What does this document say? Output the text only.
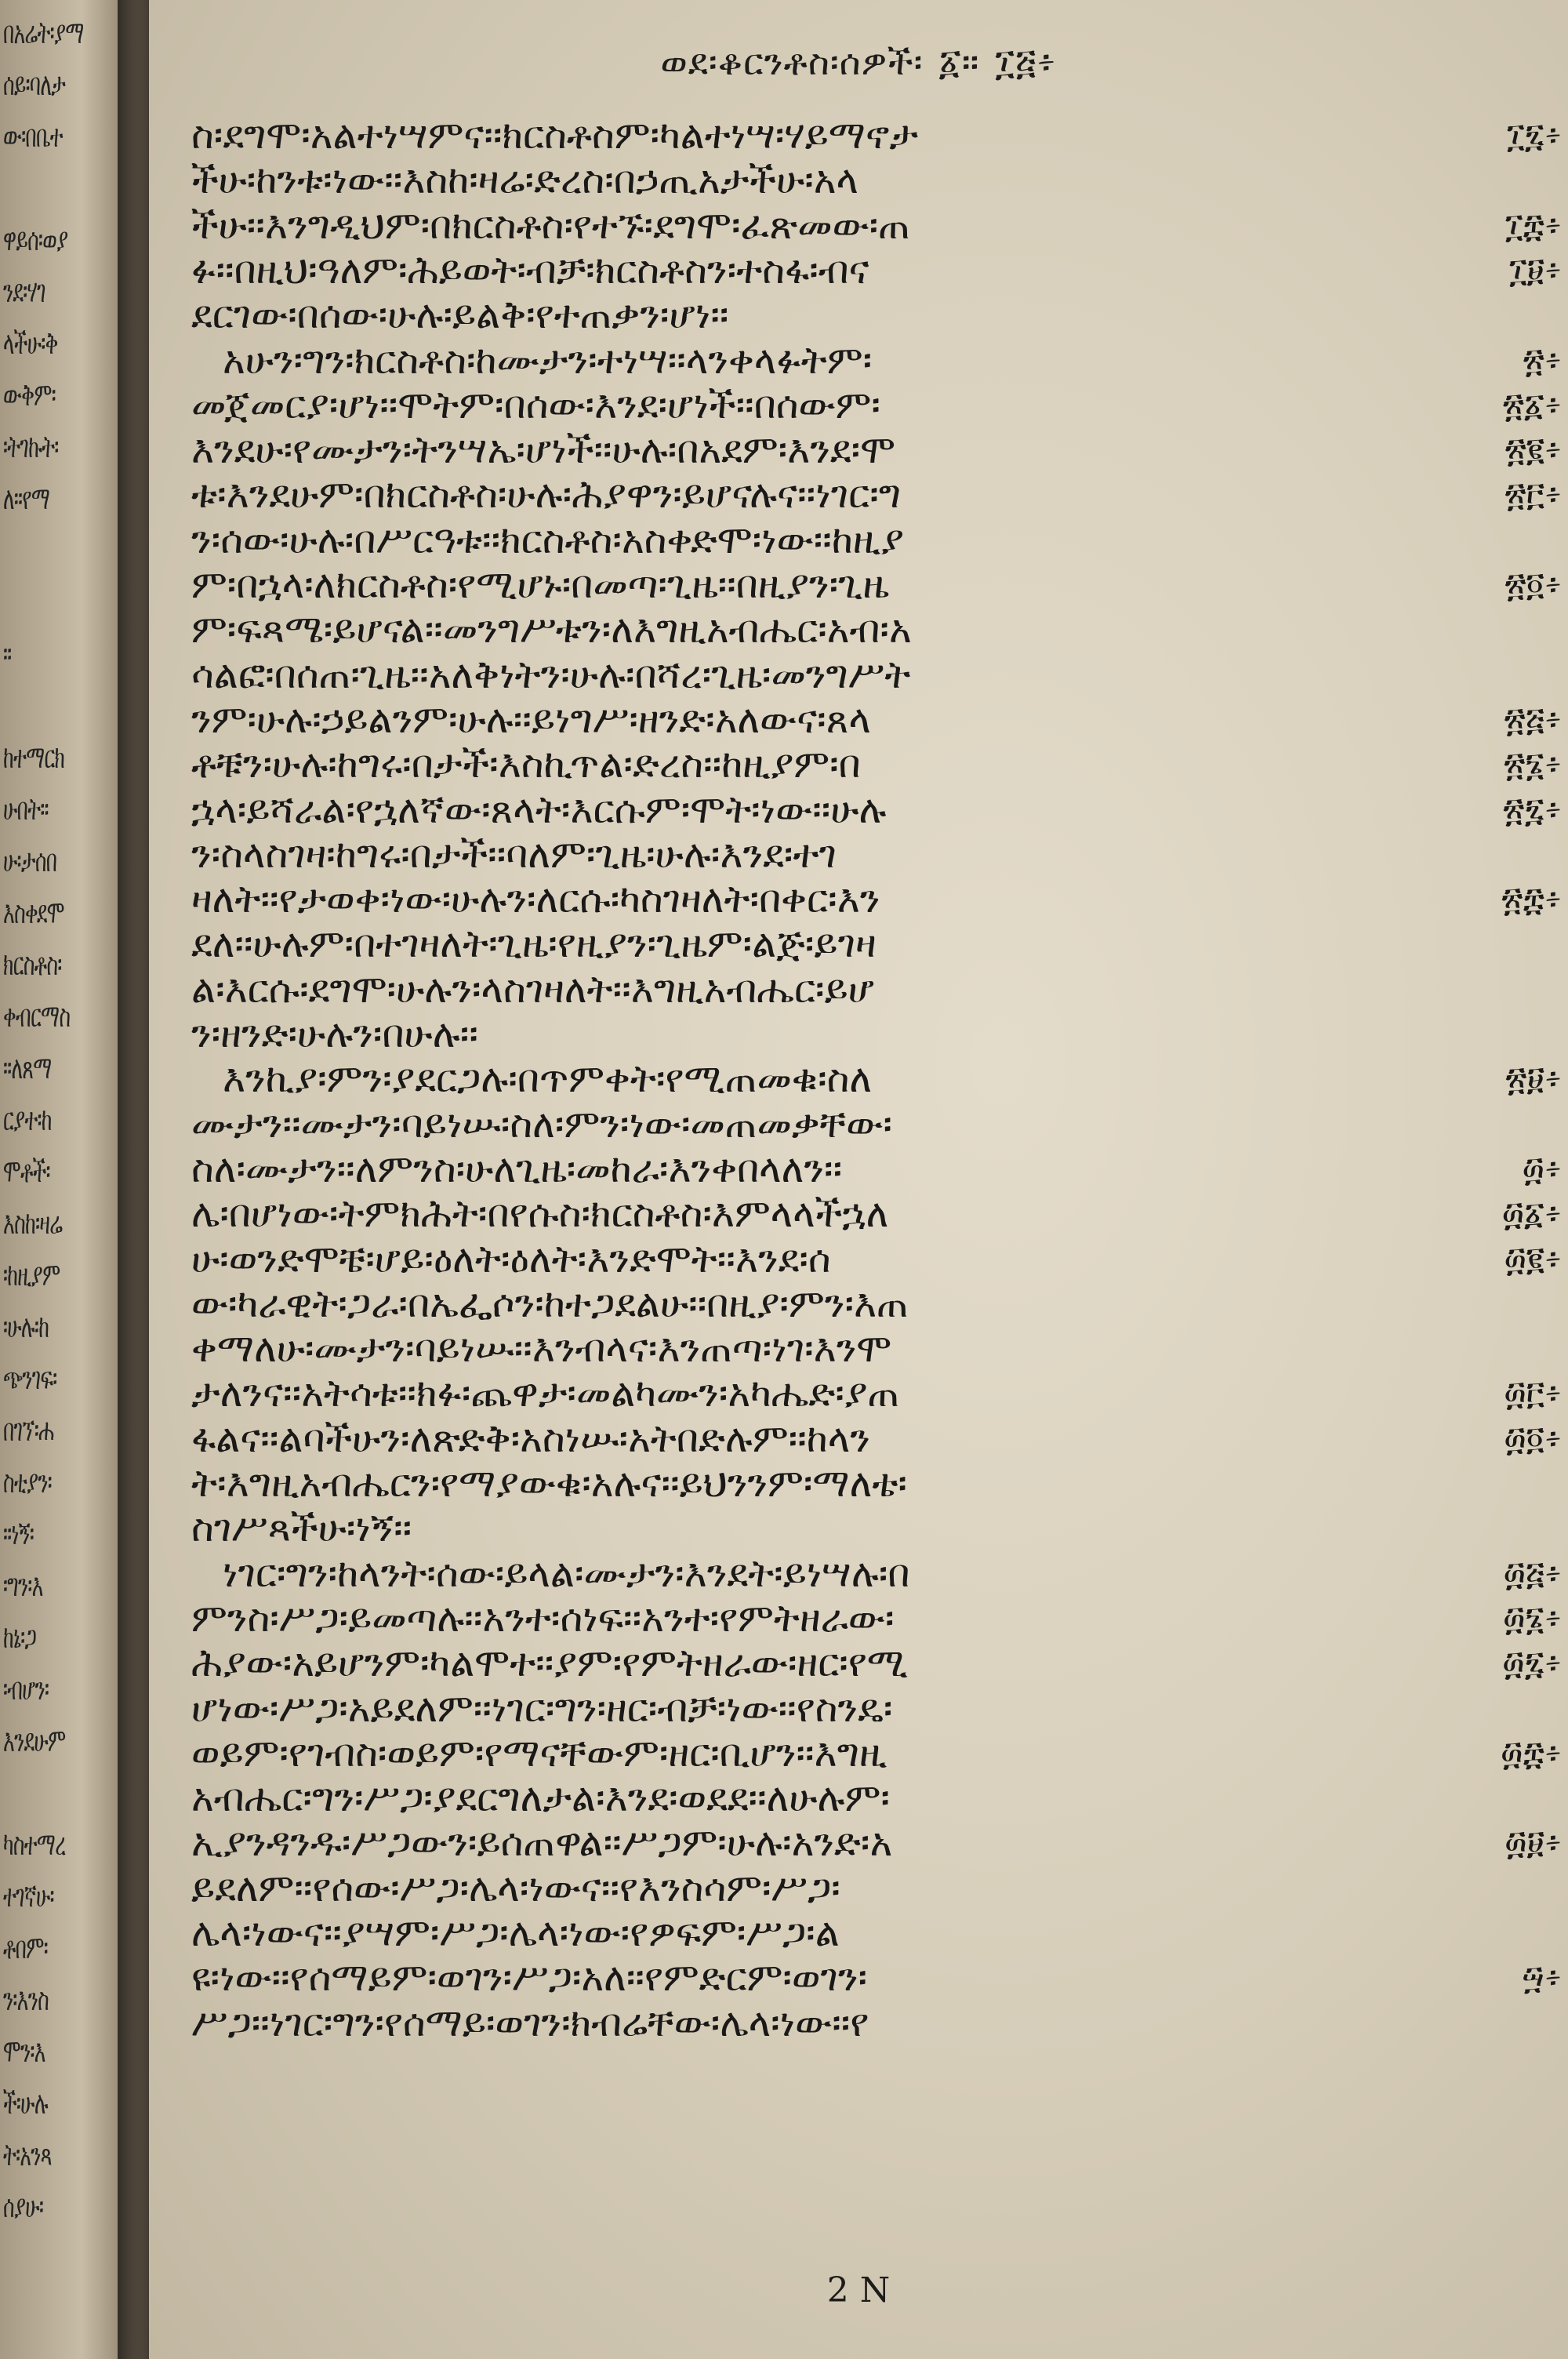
በአሬት፡ያማ
ሰይ፡ባለታ
ው፡በቤተ
ዋይሰ፡ወያ
ንደ፡ሃገ
ላችሁ፡ቅ
ውቅም፡
፡ትገኩት፡
ለ፡፡የማ
፡፡
ከተማርክ
ሁበት፡፡
ሁ፡ታሰበ
እስቀደሞ
ክርስቶስ፡
ቀብርማስ
፡፡ለጸማ
ርያተ፡ከ
ሞቶች፡
እስከ፡ዛሬ
፡ከዚያም
፡ሁሉ፡ከ
ጭንገፍ፡
በገኘ፡ሐ
ስቲያን፡
፡፡ነኝ፡
፡ግን፡እ
ከኔ፡ጋ
፡ብሆን፡
እንደሁም
ካስተማረ
ተገኛሁ፡
ቶበም፡
ን፡እንስ
ሞን፡እ
ች፡ሁሉ
ት፡አንጻ
ሰያሁ፡
ወደ፡ቆርንቶስ፡ሰዎች፡ ፩። ፲፭፥
ስ፡ደግሞ፡አልተነሣምና፡፡ክርስቶስም፡ካልተነሣ፡ሃይማኖታ	፲፯፥
ችሁ፡ከንቱ፡ነው፡፡እስከ፡ዛሬ፡ድረስ፡በኃጢአታችሁ፡አላ
ችሁ፡፡እንግዲህም፡በክርስቶስ፡የተኙ፡ደግሞ፡ፈጽመው፡ጠ	፲፰፥
ፉ፡፡በዚህ፡ዓለም፡ሕይወት፡ብቻ፡ክርስቶስን፡ተስፋ፡ብና	፲፱፥
ደርገው፡በሰው፡ሁሉ፡ይልቅ፡የተጠቃን፡ሆነ፡፡
አሁን፡ግን፡ክርስቶስ፡ከሙታን፡ተነሣ፡፡ላንቀላፉትም፡	፳፥
መጀመርያ፡ሆነ፡፡ሞትም፡በሰው፡እንደ፡ሆነች፡፡በሰውም፡	፳፩፥
እንደሁ፡የሙታን፡ትንሣኤ፡ሆነች፡፡ሁሉ፡በአደም፡እንደ፡ሞ	፳፪፥
ቱ፡እንደሁም፡በክርስቶስ፡ሁሉ፡ሕያዋን፡ይሆናሉና፡፡ነገር፡ግ	፳፫፥
ን፡ሰው፡ሁሉ፡በሥርዓቱ፡፡ክርስቶስ፡አስቀድሞ፡ነው፡፡ከዚያ
ም፡በኋላ፡ለክርስቶስ፡የሚሆኑ፡በመጣ፡ጊዜ፡፡በዚያን፡ጊዜ	፳፬፥
ም፡ፍጻሜ፡ይሆናል፡፡መንግሥቱን፡ለእግዚአብሔር፡አብ፡አ
ሳልፎ፡በሰጠ፡ጊዜ፡፡አለቅነትን፡ሁሉ፡በሻረ፡ጊዜ፡መንግሥት
ንም፡ሁሉ፡ኃይልንም፡ሁሉ፡፡ይነግሥ፡ዘንድ፡አለውና፡ጸላ	፳፭፥
ቶቹን፡ሁሉ፡ከግሩ፡በታች፡እስኪጥል፡ድረስ፡፡ከዚያም፡በ	፳፮፥
ኋላ፡ይሻራል፡የኋለኛው፡ጸላት፡እርሱም፡ሞት፡ነው፡፡ሁሉ	፳፯፥
ን፡ስላስገዛ፡ከግሩ፡በታች፡፡ባለም፡ጊዜ፡ሁሉ፡እንደ፡ተገ
ዛለት፡፡የታወቀ፡ነው፡ሁሉን፡ለርሱ፡ካስገዛለት፡በቀር፡እን	፳፰፥
ደለ፡፡ሁሉም፡በተገዛለት፡ጊዜ፡የዚያን፡ጊዜም፡ልጅ፡ይገዛ
ል፡እርሱ፡ደግሞ፡ሁሉን፡ላስገዛለት፡፡እግዚአብሔር፡ይሆ
ን፡ዘንድ፡ሁሉን፡በሁሉ፡፡
እንኪያ፡ምን፡ያደርጋሉ፡በጥምቀት፡የሚጠመቁ፡ስለ	፳፱፥
ሙታን፡፡ሙታን፡ባይነሡ፡ስለ፡ምን፡ነው፡መጠመቃቸው፡
ስለ፡ሙታን፡፡ለምንስ፡ሁለጊዜ፡መከራ፡እንቀበላለን፡፡	፴፥
ሌ፡በሆነው፡ትምክሕት፡በየሱስ፡ክርስቶስ፡እምላላችኋለ	፴፩፥
ሁ፡ወንድሞቼ፡ሆይ፡ዕለት፡ዕለት፡እንድሞት፡፡እንደ፡ሰ	፴፪፥
ው፡ካራዊት፡ጋራ፡በኤፌሶን፡ከተጋደልሁ፡፡በዚያ፡ምን፡እጠ
ቀማለሁ፡ሙታን፡ባይነሡ፡፡እንብላና፡እንጠጣ፡ነገ፡እንሞ
ታለንና፡፡አትሳቱ፡፡ክፉ፡ጨዋታ፡መልካሙን፡አካሔድ፡ያጠ	፴፫፥
ፋልና፡፡ልባችሁን፡ለጽድቅ፡አስነሡ፡አትበድሉም፡፡ከላን	፴፬፥
ት፡እግዚአብሔርን፡የማያውቁ፡አሉና፡፡ይህንንም፡ማለቴ፡
ስገሥጻችሁ፡ነኝ፡፡
ነገር፡ግን፡ከላንት፡ሰው፡ይላል፡ሙታን፡እንደት፡ይነሣሉ፡በ	፴፭፥
ምንስ፡ሥጋ፡ይመጣሉ፡፡አንተ፡ሰነፍ፡፡አንተ፡የምትዘራው፡	፴፮፥
ሕያው፡አይሆንም፡ካልሞተ፡፡ያም፡የምትዘራው፡ዘር፡የሚ	፴፯፥
ሆነው፡ሥጋ፡አይደለም፡፡ነገር፡ግን፡ዘር፡ብቻ፡ነው፡፡የስንዴ፡
ወይም፡የገብስ፡ወይም፡የማናቸውም፡ዘር፡ቢሆን፡፡እግዚ	፴፰፥
አብሔር፡ግን፡ሥጋ፡ያደርግለታል፡እንደ፡ወደደ፡፡ለሁሉም፡
ኢያንዳንዱ፡ሥጋውን፡ይሰጠዋል፡፡ሥጋም፡ሁሉ፡አንድ፡አ	፴፱፥
ይደለም፡፡የሰው፡ሥጋ፡ሌላ፡ነውና፡፡የእንስሳም፡ሥጋ፡
ሌላ፡ነውና፡፡ያሣም፡ሥጋ፡ሌላ፡ነው፡የዎፍም፡ሥጋ፡ል
ዩ፡ነው፡፡የሰማይም፡ወገን፡ሥጋ፡አለ፡፡የምድርም፡ወገን፡	፵፥
ሥጋ፡፡ነገር፡ግን፡የሰማይ፡ወገን፡ክብሬቸው፡ሌላ፡ነው፡፡የ
2 N
